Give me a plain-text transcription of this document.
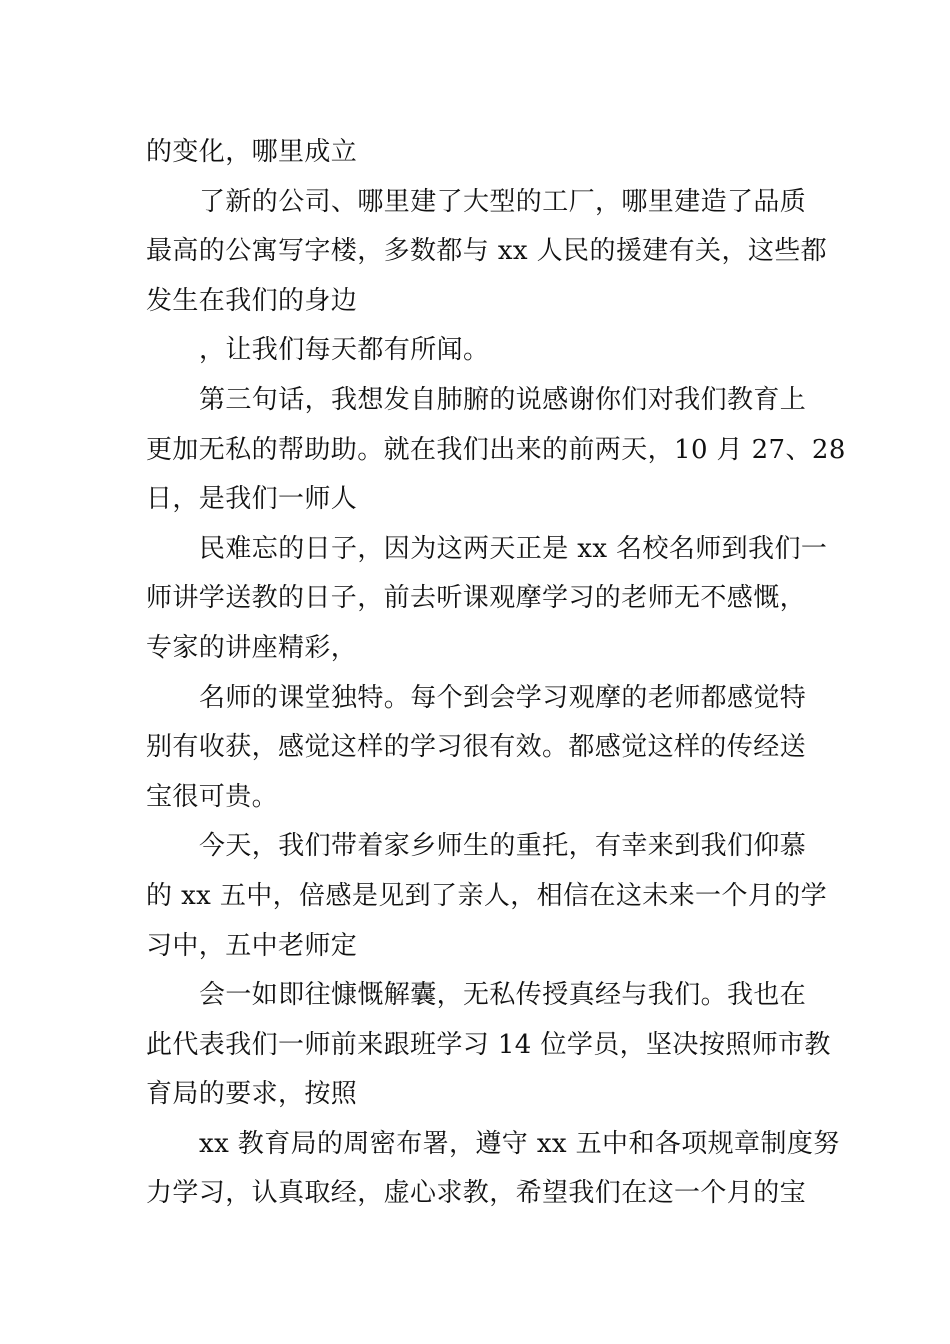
的变化，哪里成立
了新的公司、哪里建了大型的工厂，哪里建造了品质
最高的公寓写字楼，多数都与 xx 人民的援建有关，这些都
发生在我们的身边
，让我们每天都有所闻。
第三句话，我想发自肺腑的说感谢你们对我们教育上
更加无私的帮助助。就在我们出来的前两天，10 月 27、28
日，是我们一师人
民难忘的日子，因为这两天正是 xx 名校名师到我们一
师讲学送教的日子，前去听课观摩学习的老师无不感慨，
专家的讲座精彩，
名师的课堂独特。每个到会学习观摩的老师都感觉特
别有收获，感觉这样的学习很有效。都感觉这样的传经送
宝很可贵。
今天，我们带着家乡师生的重托，有幸来到我们仰慕
的 xx 五中，倍感是见到了亲人，相信在这未来一个月的学
习中，五中老师定
会一如即往慷慨解囊，无私传授真经与我们。我也在
此代表我们一师前来跟班学习 14 位学员，坚决按照师市教
育局的要求，按照
xx 教育局的周密布署，遵守 xx 五中和各项规章制度努
力学习，认真取经，虚心求教，希望我们在这一个月的宝
